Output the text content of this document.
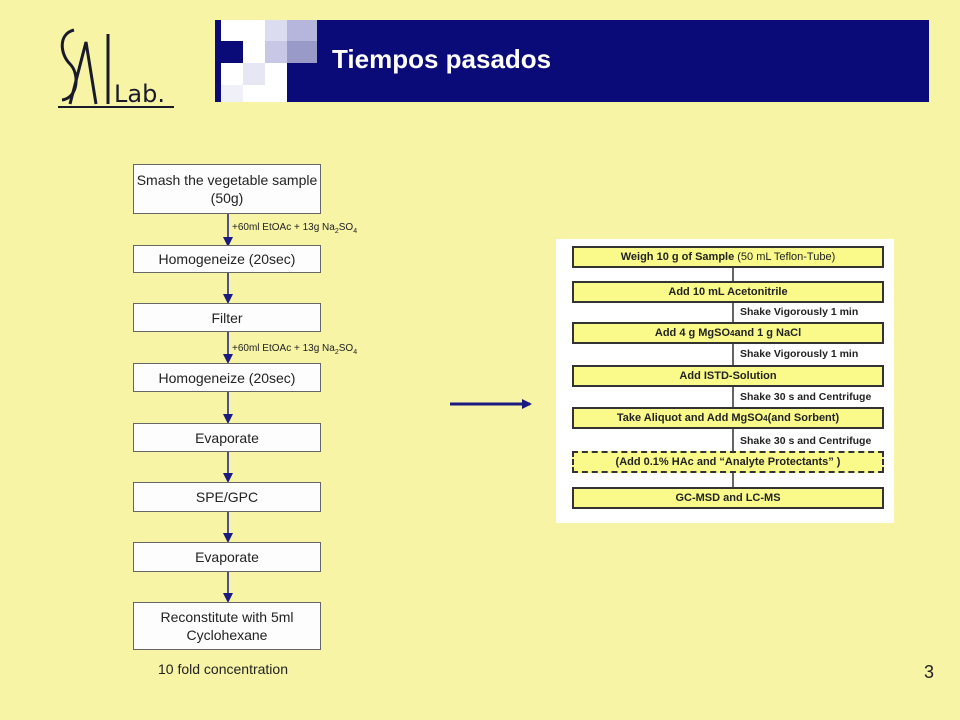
Lab.
Tiempos pasados
Smash the vegetable sample (50g)
Homogeneize (20sec)
Filter
Homogeneize (20sec)
Evaporate
SPE/GPC
Evaporate
Reconstitute with 5ml Cyclohexane
+60ml EtOAc + 13g $Na_2SO_4$
+60ml EtOAc + 13g $Na_2SO_4$
10 fold concentration
Weigh 10 g of Sample (50 mL Teflon-Tube)
Add 10 mL Acetonitrile
Shake Vigorously 1 min
Add 4 g MgSO 4 and 1 g NaCl
Shake Vigorously 1 min
Add ISTD-Solution
Shake 30 s and Centrifuge
Take Aliquot and Add MgSO 4 (and Sorbent)
Shake 30 s and Centrifuge
(Add 0.1% HAc and “Analyte Protectants” )
GC-MSD and LC-MS
3
